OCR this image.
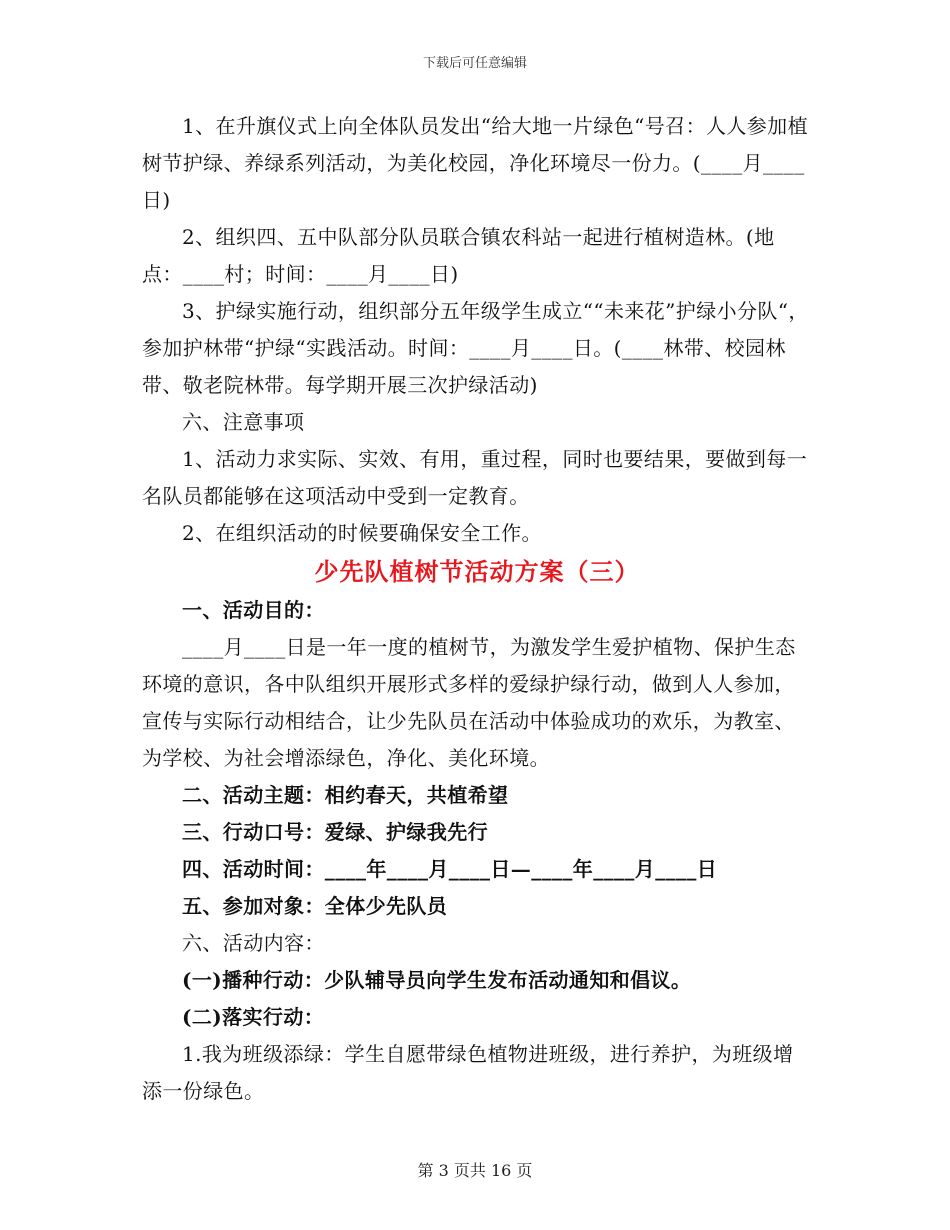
下载后可任意编辑

1、在升旗仪式上向全体队员发出“给大地一片绿色“号召：人人参加植树节护绿、养绿系列活动，为美化校园，净化环境尽一份力。(____月____日)

2、组织四、五中队部分队员联合镇农科站一起进行植树造林。(地点：____村；时间：____月____日)

3、护绿实施行动，组织部分五年级学生成立““未来花”护绿小分队“，参加护林带“护绿“实践活动。时间：____月____日。(____林带、校园林带、敬老院林带。每学期开展三次护绿活动)

六、注意事项

1、活动力求实际、实效、有用，重过程，同时也要结果，要做到每一名队员都能够在这项活动中受到一定教育。

2、在组织活动的时候要确保安全工作。

少先队植树节活动方案（三）

一、活动目的：

____月____日是一年一度的植树节，为激发学生爱护植物、保护生态环境的意识，各中队组织开展形式多样的爱绿护绿行动，做到人人参加，宣传与实际行动相结合，让少先队员在活动中体验成功的欢乐，为教室、为学校、为社会增添绿色，净化、美化环境。

二、活动主题：相约春天，共植希望

三、行动口号：爱绿、护绿我先行

四、活动时间：____年____月____日—____年____月____日

五、参加对象：全体少先队员

六、活动内容：

(一)播种行动：少队辅导员向学生发布活动通知和倡议。

(二)落实行动：

1.我为班级添绿：学生自愿带绿色植物进班级，进行养护，为班级增添一份绿色。

第 3 页共 16 页
